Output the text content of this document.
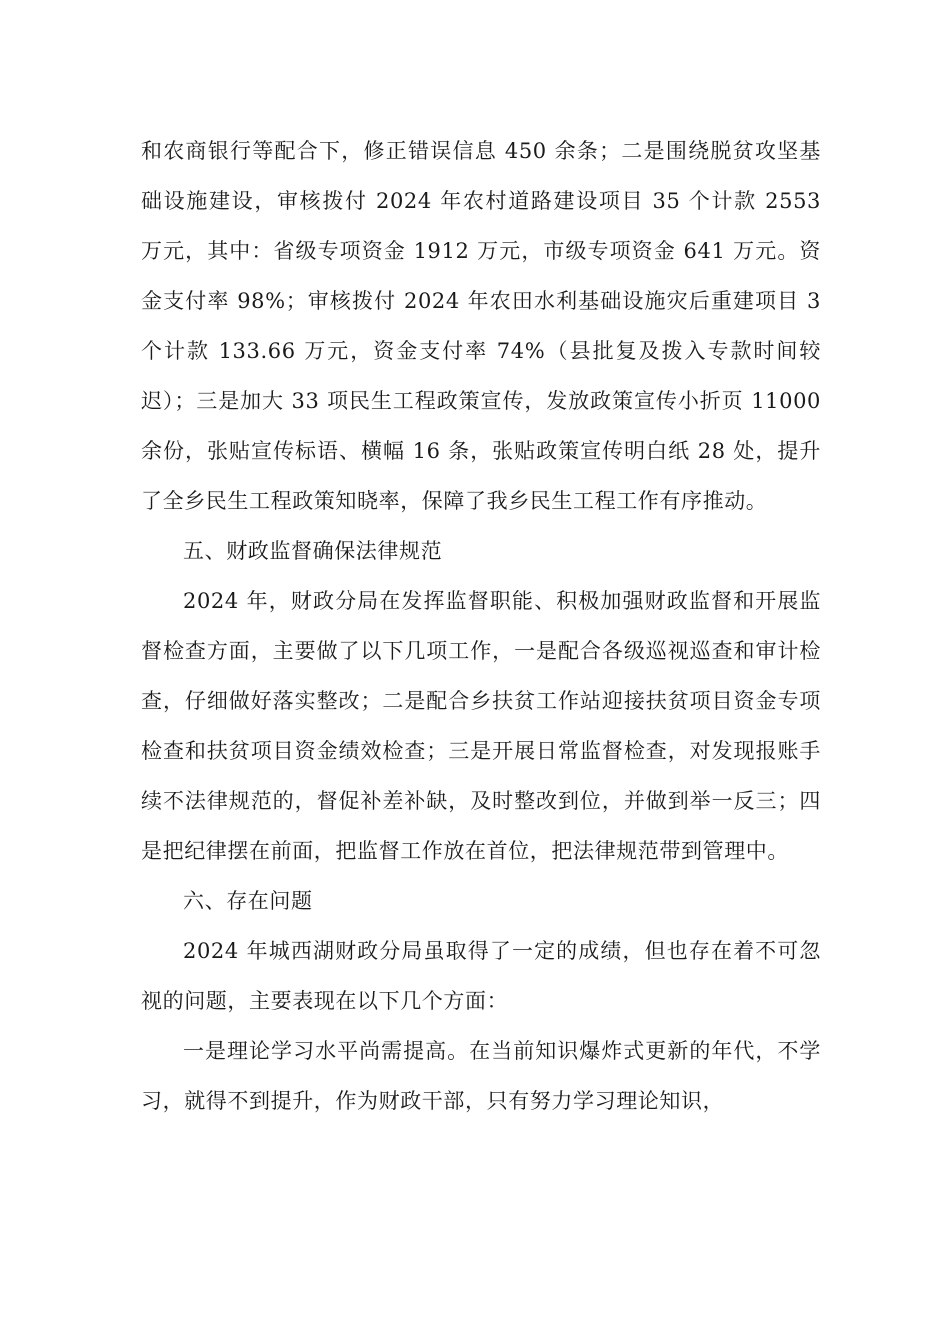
和农商银行等配合下，修正错误信息 450 余条；二是围绕脱贫攻坚基础设施建设，审核拨付 2024 年农村道路建设项目 35 个计款 2553 万元，其中：省级专项资金 1912 万元，市级专项资金 641 万元。资金支付率 98%；审核拨付 2024 年农田水利基础设施灾后重建项目 3 个计款 133.66 万元，资金支付率 74%（县批复及拨入专款时间较迟）；三是加大 33 项民生工程政策宣传，发放政策宣传小折页 11000 余份，张贴宣传标语、横幅 16 条，张贴政策宣传明白纸 28 处，提升了全乡民生工程政策知晓率，保障了我乡民生工程工作有序推动。

五、财政监督确保法律规范

2024 年，财政分局在发挥监督职能、积极加强财政监督和开展监督检查方面，主要做了以下几项工作，一是配合各级巡视巡查和审计检查，仔细做好落实整改；二是配合乡扶贫工作站迎接扶贫项目资金专项检查和扶贫项目资金绩效检查；三是开展日常监督检查，对发现报账手续不法律规范的，督促补差补缺，及时整改到位，并做到举一反三；四是把纪律摆在前面，把监督工作放在首位，把法律规范带到管理中。

六、存在问题

2024 年城西湖财政分局虽取得了一定的成绩，但也存在着不可忽视的问题，主要表现在以下几个方面：

一是理论学习水平尚需提高。在当前知识爆炸式更新的年代，不学习，就得不到提升，作为财政干部，只有努力学习理论知识，
